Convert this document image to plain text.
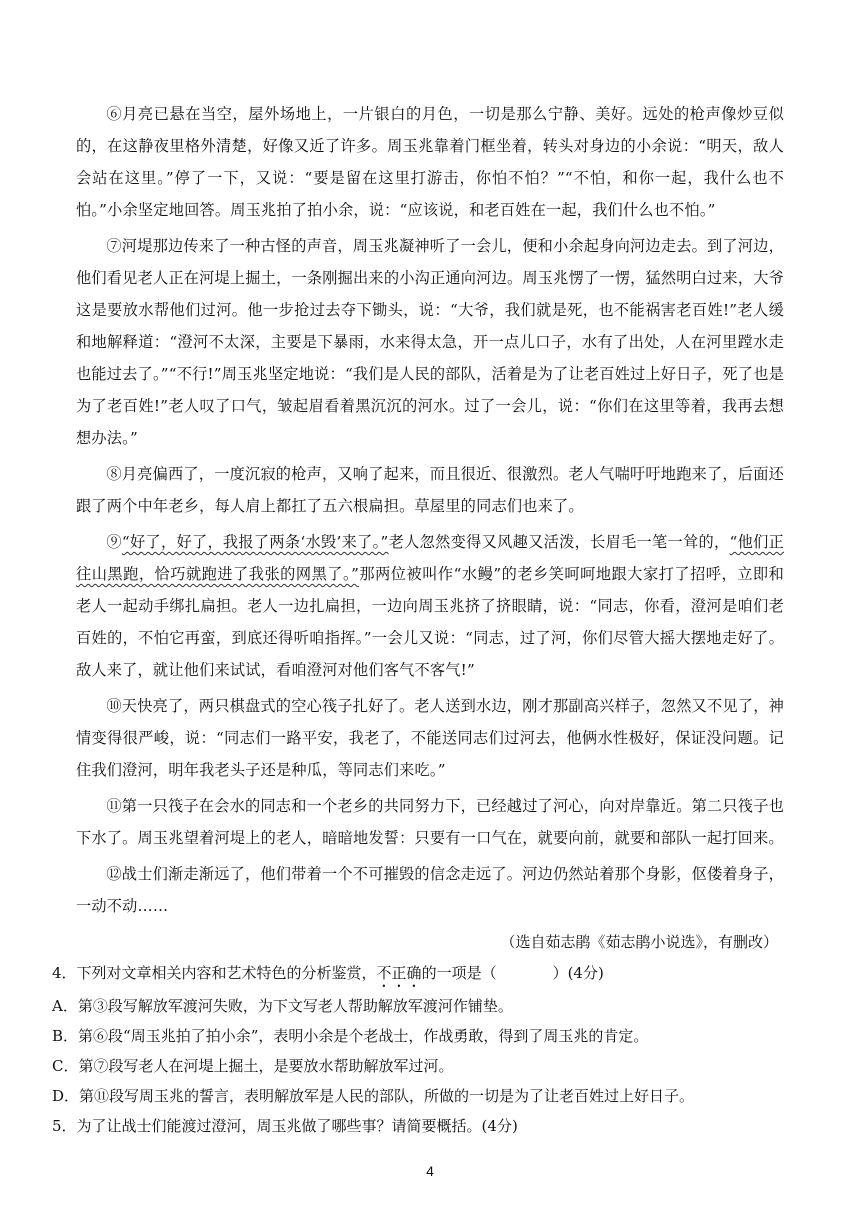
⑥月亮已悬在当空，屋外场地上，一片银白的月色，一切是那么宁静、美好。远处的枪声像炒豆似的，在这静夜里格外清楚，好像又近了许多。周玉兆靠着门框坐着，转头对身边的小余说：“明天，敌人会站在这里。”停了一下，又说：“要是留在这里打游击，你怕不怕？”“不怕，和你一起，我什么也不怕。”小余坚定地回答。周玉兆拍了拍小余，说：“应该说，和老百姓在一起，我们什么也不怕。”

⑦河堤那边传来了一种古怪的声音，周玉兆凝神听了一会儿，便和小余起身向河边走去。到了河边，他们看见老人正在河堤上掘土，一条刚掘出来的小沟正通向河边。周玉兆愣了一愣，猛然明白过来，大爷这是要放水帮他们过河。他一步抢过去夺下锄头，说：“大爷，我们就是死，也不能祸害老百姓!”老人缓和地解释道：“澄河不太深，主要是下暴雨，水来得太急，开一点儿口子，水有了出处，人在河里蹚水走也能过去了。”“不行!”周玉兆坚定地说：“我们是人民的部队，活着是为了让老百姓过上好日子，死了也是为了老百姓!”老人叹了口气，皱起眉看着黑沉沉的河水。过了一会儿，说：“你们在这里等着，我再去想想办法。”

⑧月亮偏西了，一度沉寂的枪声，又响了起来，而且很近、很激烈。老人气喘吁吁地跑来了，后面还跟了两个中年老乡，每人肩上都扛了五六根扁担。草屋里的同志们也来了。

⑨“好了，好了，我报了两条‘水毁’来了。”老人忽然变得又风趣又活泼，长眉毛一笔一耸的，“他们正往山黑跑，恰巧就跑进了我张的网黑了。”那两位被叫作“水鳗”的老乡笑呵呵地跟大家打了招呼，立即和老人一起动手绑扎扁担。老人一边扎扁担，一边向周玉兆挤了挤眼睛，说：“同志，你看，澄河是咱们老百姓的，不怕它再蛮，到底还得听咱指挥。”一会儿又说：“同志，过了河，你们尽管大摇大摆地走好了。敌人来了，就让他们来试试，看咱澄河对他们客气不客气!”

⑩天快亮了，两只棋盘式的空心筏子扎好了。老人送到水边，刚才那副高兴样子，忽然又不见了，神情变得很严峻，说：“同志们一路平安，我老了，不能送同志们过河去，他俩水性极好，保证没问题。记住我们澄河，明年我老头子还是种瓜，等同志们来吃。”

⑪第一只筏子在会水的同志和一个老乡的共同努力下，已经越过了河心，向对岸靠近。第二只筏子也下水了。周玉兆望着河堤上的老人，暗暗地发誓：只要有一口气在，就要向前，就要和部队一起打回来。

⑫战士们渐走渐远了，他们带着一个不可摧毁的信念走远了。河边仍然站着那个身影，伛偻着身子，一动不动……

（选自茹志鹃《茹志鹃小说选》，有删改）

4．下列对文章相关内容和艺术特色的分析鉴赏，不正确的一项是（	）(4分)

A．第③段写解放军渡河失败，为下文写老人帮助解放军渡河作铺垫。

B．第⑥段“周玉兆拍了拍小余”，表明小余是个老战士，作战勇敢，得到了周玉兆的肯定。

C．第⑦段写老人在河堤上掘土，是要放水帮助解放军过河。

D．第⑪段写周玉兆的誓言，表明解放军是人民的部队，所做的一切是为了让老百姓过上好日子。

5．为了让战士们能渡过澄河，周玉兆做了哪些事？请简要概括。(4分)

4
